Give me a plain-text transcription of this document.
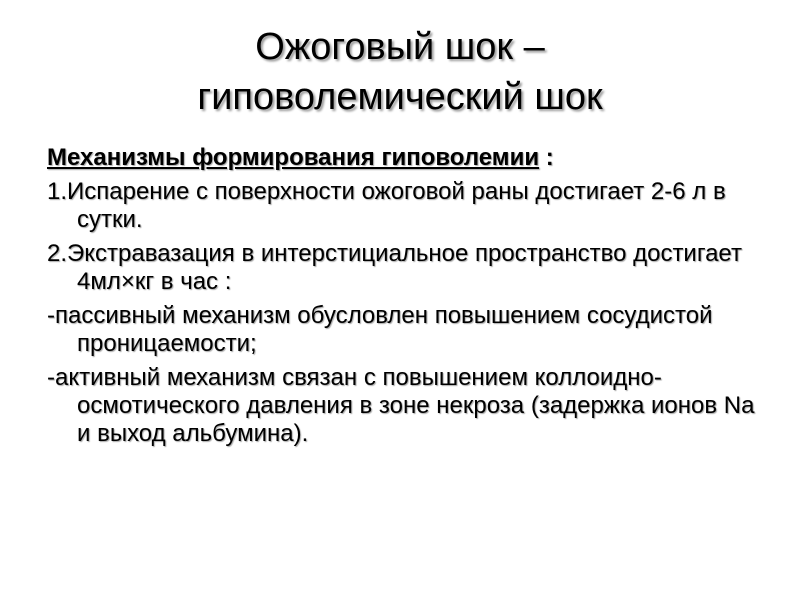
Ожоговый шок –
гиповолемический шок
Механизмы формирования гиповолемии :
1.Испарение с поверхности ожоговой раны достигает 2-6 л в сутки.
2.Экстравазация в интерстициальное пространство достигает 4мл×кг в час :
-пассивный механизм обусловлен повышением сосудистой проницаемости;
-активный механизм связан с повышением коллоидно-осмотического давления в зоне некроза (задержка ионов Na и выход альбумина).
